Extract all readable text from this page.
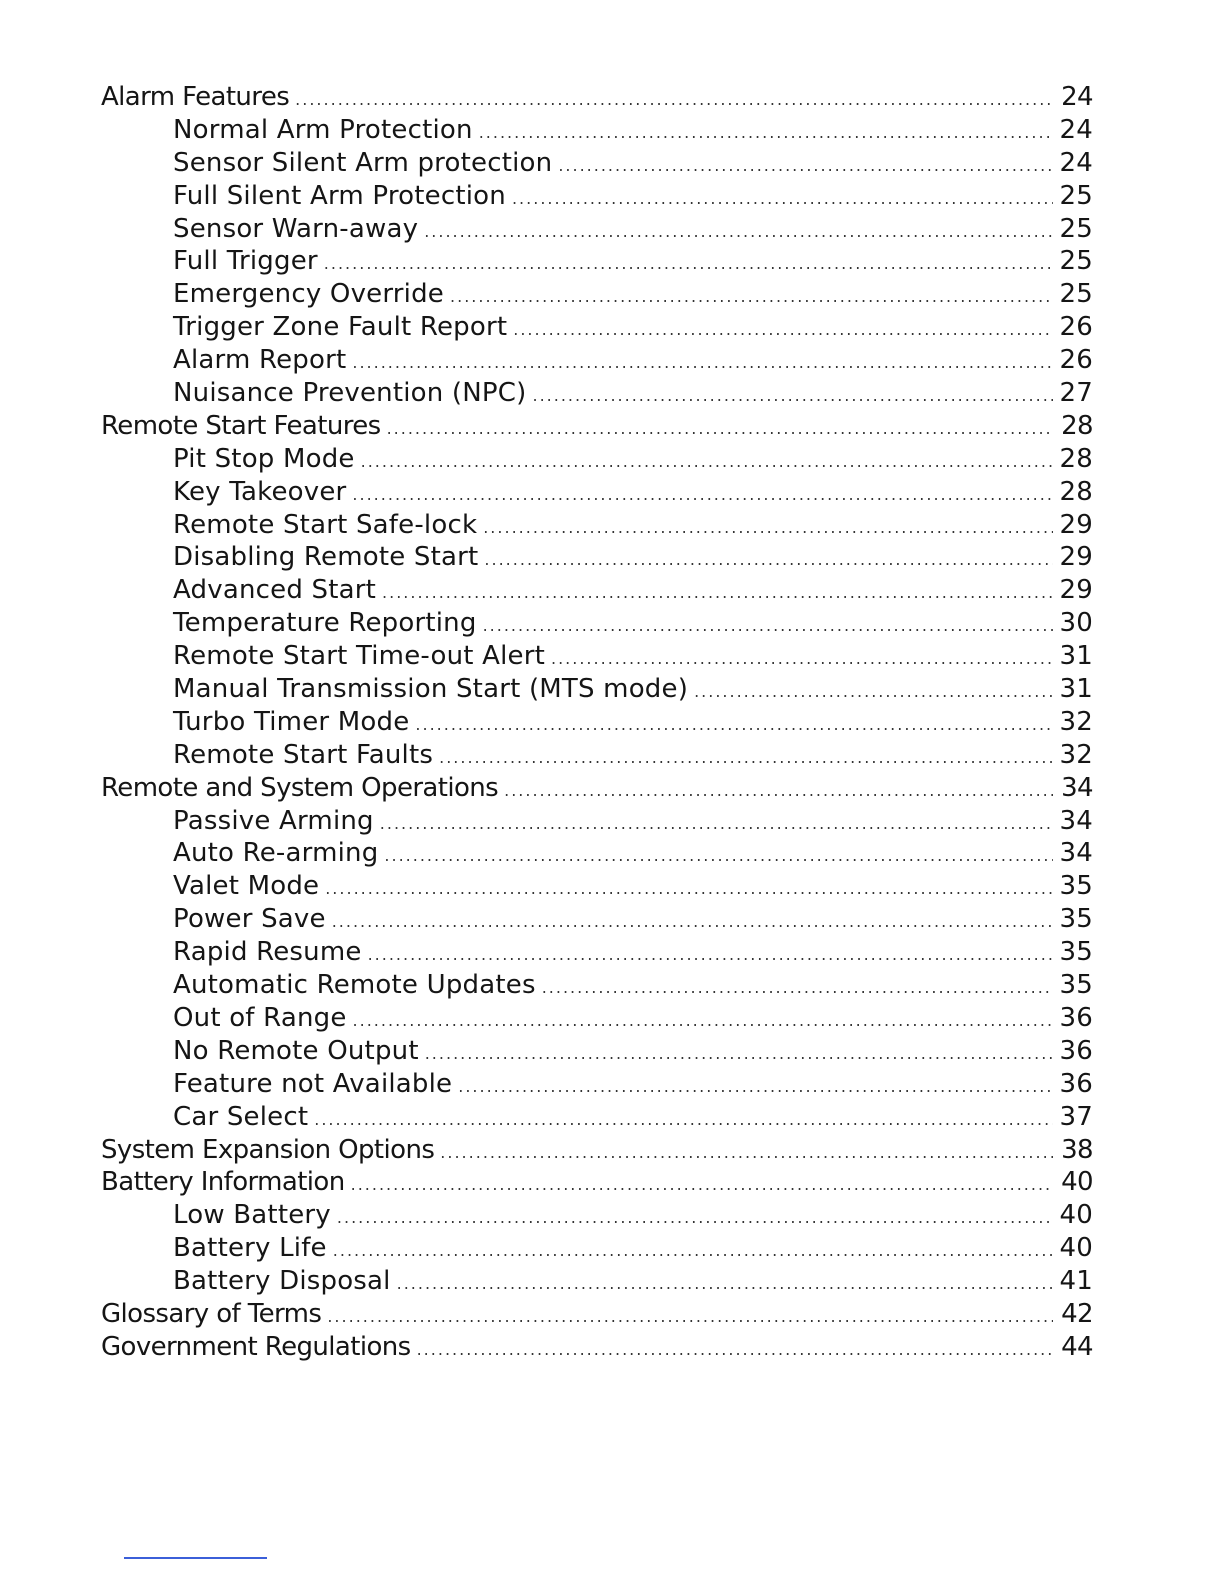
Alarm Features .....	24
Normal Arm Protection .....	24
Sensor Silent Arm protection .....	24
Full Silent Arm Protection .....	25
Sensor Warn-away .....	25
Full Trigger .....	25
Emergency Override .....	25
Trigger Zone Fault Report .....	26
Alarm Report .....	26
Nuisance Prevention (NPC) .....	27
Remote Start Features .....	28
Pit Stop Mode .....	28
Key Takeover .....	28
Remote Start Safe-lock .....	29
Disabling Remote Start .....	29
Advanced Start .....	29
Temperature Reporting .....	30
Remote Start Time-out Alert .....	31
Manual Transmission Start (MTS mode) .....	31
Turbo Timer Mode .....	32
Remote Start Faults .....	32
Remote and System Operations .....	34
Passive Arming .....	34
Auto Re-arming .....	34
Valet Mode .....	35
Power Save .....	35
Rapid Resume .....	35
Automatic Remote Updates .....	35
Out of Range .....	36
No Remote Output .....	36
Feature not Available .....	36
Car Select .....	37
System Expansion Options .....	38
Battery Information .....	40
Low Battery .....	40
Battery Life .....	40
Battery Disposal .....	41
Glossary of Terms .....	42
Government Regulations .....	44
